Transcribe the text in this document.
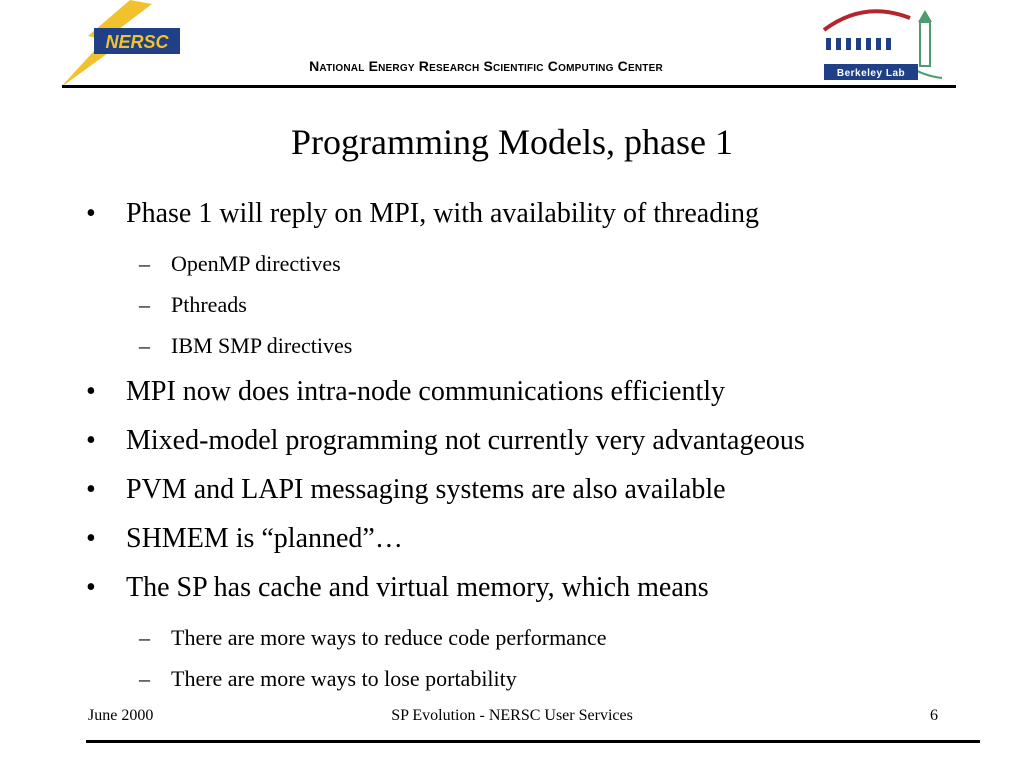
NERSC
National Energy Research Scientific Computing Center	Berkeley Lab
Programming Models, phase 1
• Phase 1 will reply on MPI, with availability of threading
– OpenMP directives
– Pthreads
– IBM SMP directives
• MPI now does intra-node communications efficiently
• Mixed-model programming not currently very advantageous
• PVM and LAPI messaging systems are also available
• SHMEM is “planned”…
• The SP has cache and virtual memory, which means
– There are more ways to reduce code performance
– There are more ways to lose portability
June 2000	SP Evolution - NERSC User Services	6
